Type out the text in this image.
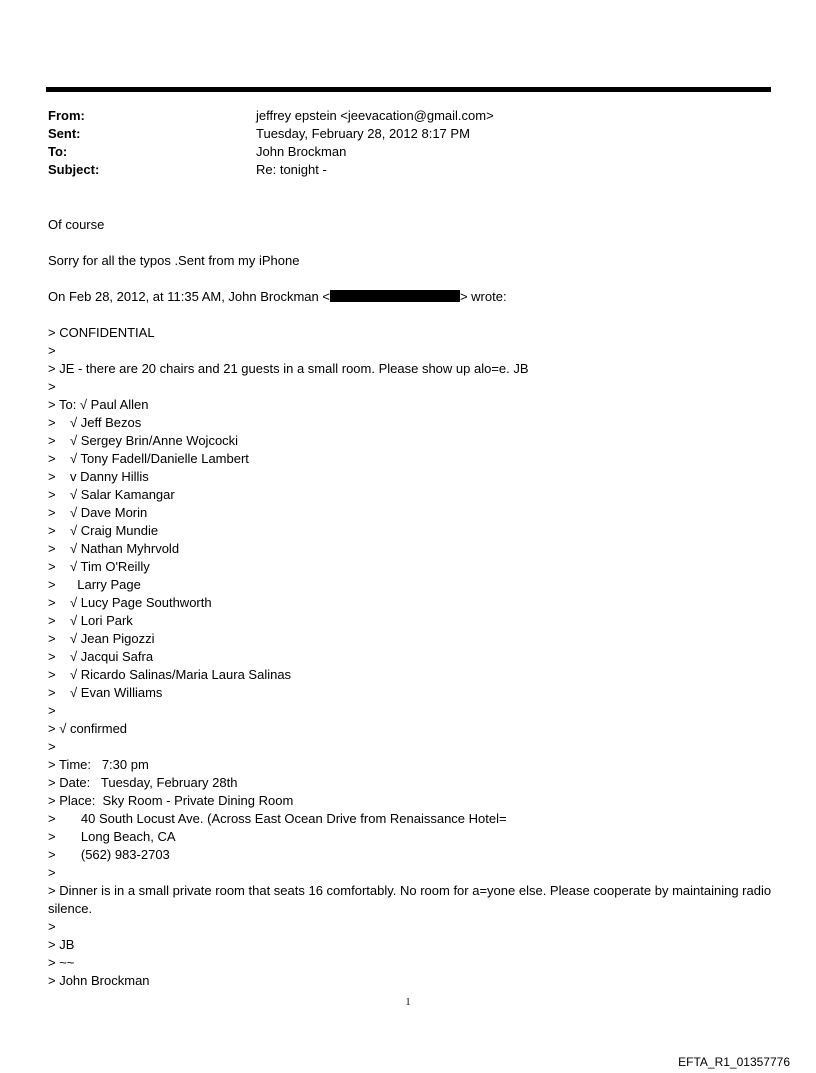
From:	jeffrey epstein <jeevacation@gmail.com>
Sent:	Tuesday, February 28, 2012 8:17 PM
To:	John Brockman
Subject:	Re: tonight -
Of course
Sorry for all the typos .Sent from my iPhone
On Feb 28, 2012, at 11:35 AM, John Brockman <	> wrote:
> CONFIDENTIAL
>
> JE - there are 20 chairs and 21 guests in a small room. Please show up alo=e. JB
>
> To: √ Paul Allen
>    √ Jeff Bezos
>    √ Sergey Brin/Anne Wojcocki
>    √ Tony Fadell/Danielle Lambert
>    v Danny Hillis
>    √ Salar Kamangar
>    √ Dave Morin
>    √ Craig Mundie
>    √ Nathan Myhrvold
>    √ Tim O'Reilly
>      Larry Page
>    √ Lucy Page Southworth
>    √ Lori Park
>    √ Jean Pigozzi
>    √ Jacqui Safra
>    √ Ricardo Salinas/Maria Laura Salinas
>    √ Evan Williams
>
> √ confirmed
>
> Time:   7:30 pm
> Date:   Tuesday, February 28th
> Place:  Sky Room - Private Dining Room
>       40 South Locust Ave. (Across East Ocean Drive from Renaissance Hotel=
>       Long Beach, CA
>       (562) 983-2703
>
> Dinner is in a small private room that seats 16 comfortably. No room for a=yone else. Please cooperate by maintaining radio silence.
>
> JB
> ~~
> John Brockman
1
EFTA_R1_01357776
